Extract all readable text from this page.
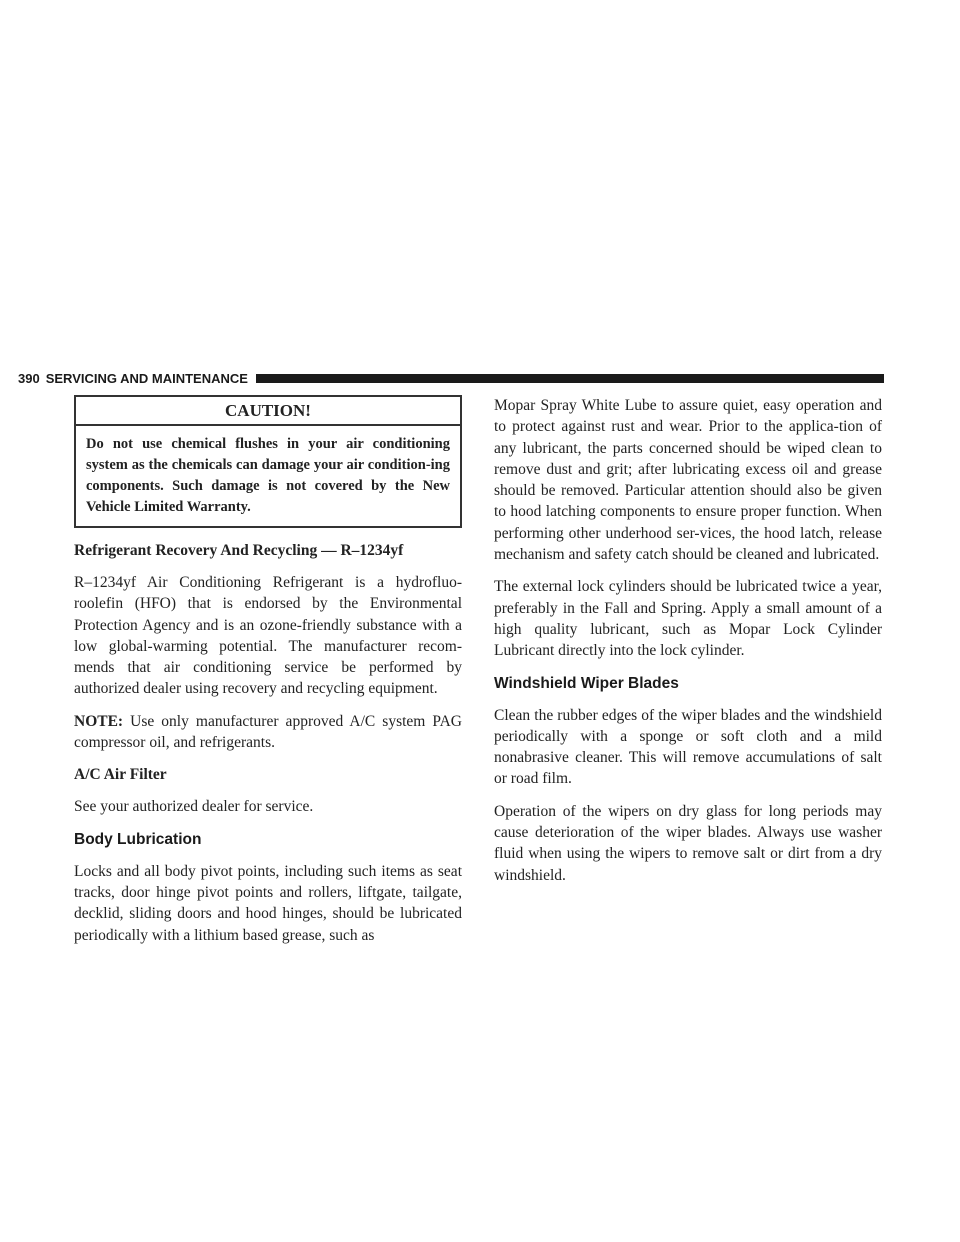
390 SERVICING AND MAINTENANCE
CAUTION!
Do not use chemical flushes in your air conditioning system as the chemicals can damage your air condition-ing components. Such damage is not covered by the New Vehicle Limited Warranty.
Refrigerant Recovery And Recycling — R–1234yf

R–1234yf Air Conditioning Refrigerant is a hydrofluo-roolefin (HFO) that is endorsed by the Environmental Protection Agency and is an ozone-friendly substance with a low global-warming potential. The manufacturer recom-mends that air conditioning service be performed by authorized dealer using recovery and recycling equipment.

NOTE: Use only manufacturer approved A/C system PAG compressor oil, and refrigerants.

A/C Air Filter

See your authorized dealer for service.

Body Lubrication

Locks and all body pivot points, including such items as seat tracks, door hinge pivot points and rollers, liftgate, tailgate, decklid, sliding doors and hood hinges, should be lubricated periodically with a lithium based grease, such as

Mopar Spray White Lube to assure quiet, easy operation and to protect against rust and wear. Prior to the applica-tion of any lubricant, the parts concerned should be wiped clean to remove dust and grit; after lubricating excess oil and grease should be removed. Particular attention should also be given to hood latching components to ensure proper function. When performing other underhood ser-vices, the hood latch, release mechanism and safety catch should be cleaned and lubricated.

The external lock cylinders should be lubricated twice a year, preferably in the Fall and Spring. Apply a small amount of a high quality lubricant, such as Mopar Lock Cylinder Lubricant directly into the lock cylinder.

Windshield Wiper Blades

Clean the rubber edges of the wiper blades and the windshield periodically with a sponge or soft cloth and a mild nonabrasive cleaner. This will remove accumulations of salt or road film.

Operation of the wipers on dry glass for long periods may cause deterioration of the wiper blades. Always use washer fluid when using the wipers to remove salt or dirt from a dry windshield.
